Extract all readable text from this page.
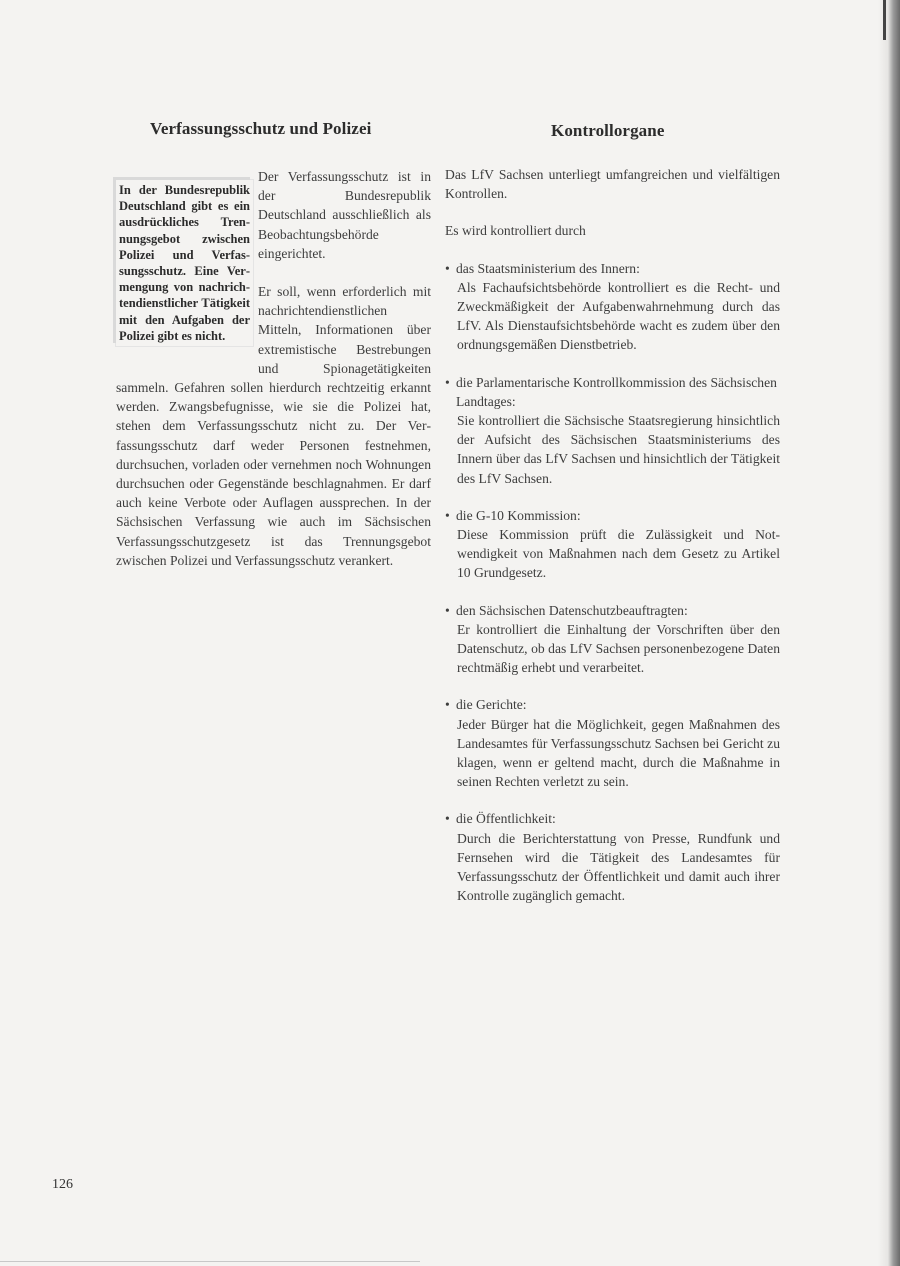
Verfassungsschutz und Polizei	Kontrollorgane

Der Verfassungsschutz ist in der Bundesrepublik Deutschland ausschließlich als Beobachtungsbehörde eingerichtet.

Er soll, wenn erforderlich mit nachrichtendienstlichen Mitteln, Informationen über extremistische Bestrebungen und Spionagetätigkeiten sammeln. Gefahren sollen hierdurch rechtzeitig erkannt werden. Zwangsbefugnisse, wie sie die Polizei hat, stehen dem Verfassungsschutz nicht zu. Der Verfassungsschutz darf weder Personen festnehmen, durchsuchen, vorladen oder vernehmen noch Wohnungen durchsuchen oder Gegenstände beschlagnahmen. Er darf auch keine Verbote oder Auflagen aussprechen. In der Sächsischen Verfassung wie auch im Sächsischen Verfassungsschutzgesetz ist das Trennungsgebot zwischen Polizei und Verfassungsschutz verankert.

In der Bundesrepublik Deutschland gibt es ein ausdrückliches Trennungsgebot zwischen Polizei und Verfassungsschutz. Eine Vermengung von nachrichtendienstlicher Tätigkeit mit den Aufgaben der Polizei gibt es nicht.

Das LfV Sachsen unterliegt umfangreichen und vielfältigen Kontrollen.

Es wird kontrolliert durch

• das Staatsministerium des Innern:

Als Fachaufsichtsbehörde kontrolliert es die Recht- und Zweckmäßigkeit der Aufgabenwahrnehmung durch das LfV. Als Dienstaufsichtsbehörde wacht es zudem über den ordnungsgemäßen Dienstbetrieb.

• die Parlamentarische Kontrollkommission des Sächsischen Landtages:

Sie kontrolliert die Sächsische Staatsregierung hinsichtlich der Aufsicht des Sächsischen Staatsministeriums des Innern über das LfV Sachsen und hinsichtlich der Tätigkeit des LfV Sachsen.

• die G-10 Kommission:

Diese Kommission prüft die Zulässigkeit und Notwendigkeit von Maßnahmen nach dem Gesetz zu Artikel 10 Grundgesetz.

• den Sächsischen Datenschutzbeauftragten:

Er kontrolliert die Einhaltung der Vorschriften über den Datenschutz, ob das LfV Sachsen personenbezogene Daten rechtmäßig erhebt und verarbeitet.

• die Gerichte:

Jeder Bürger hat die Möglichkeit, gegen Maßnahmen des Landesamtes für Verfassungsschutz Sachsen bei Gericht zu klagen, wenn er geltend macht, durch die Maßnahme in seinen Rechten verletzt zu sein.

• die Öffentlichkeit:

Durch die Berichterstattung von Presse, Rundfunk und Fernsehen wird die Tätigkeit des Landesamtes für Verfassungsschutz der Öffentlichkeit und damit auch ihrer Kontrolle zugänglich gemacht.

126
